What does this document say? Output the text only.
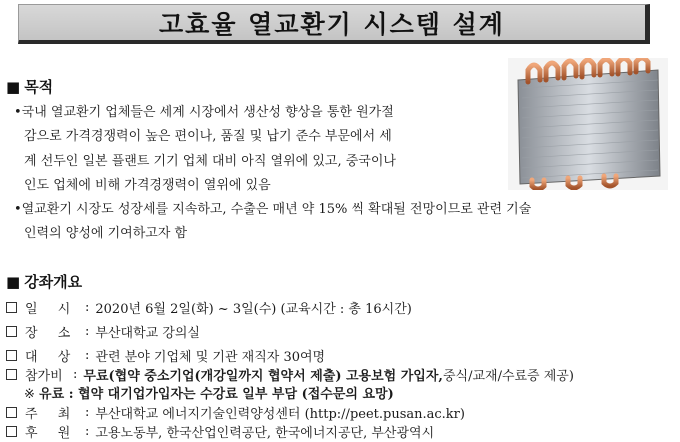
고효율 열교환기 시스템 설계
■ 목적
•국내 열교환기 업체들은 세계 시장에서 생산성 향상을 통한 원가절
감으로 가격경쟁력이 높은 편이나, 품질 및 납기 준수 부문에서 세
계 선두인 일본 플랜트 기기 업체 대비 아직 열위에 있고, 중국이나
인도 업체에 비해 가격경쟁력이 열위에 있음
•열교환기 시장도 성장세를 지속하고, 수출은 매년 약 15% 씩 확대될 전망이므로 관련 기술
인력의 양성에 기여하고자 함
■ 강좌개요
일 시 : 2020년 6월 2일(화) ~ 3일(수) (교육시간 : 총 16시간)
장 소 : 부산대학교 강의실
대 상 : 관련 분야 기업체 및 기관 재직자 30여명
참가비 : 무료(협약 중소기업(개강일까지 협약서 제출) 고용보험 가입자, 중식/교재/수료증 제공)
※ 유료 : 협약 대기업가입자는 수강료 일부 부담 (접수문의 요망)
주 최 : 부산대학교 에너지기술인력양성센터 (http://peet.pusan.ac.kr)
후 원 : 고용노동부, 한국산업인력공단, 한국에너지공단, 부산광역시
